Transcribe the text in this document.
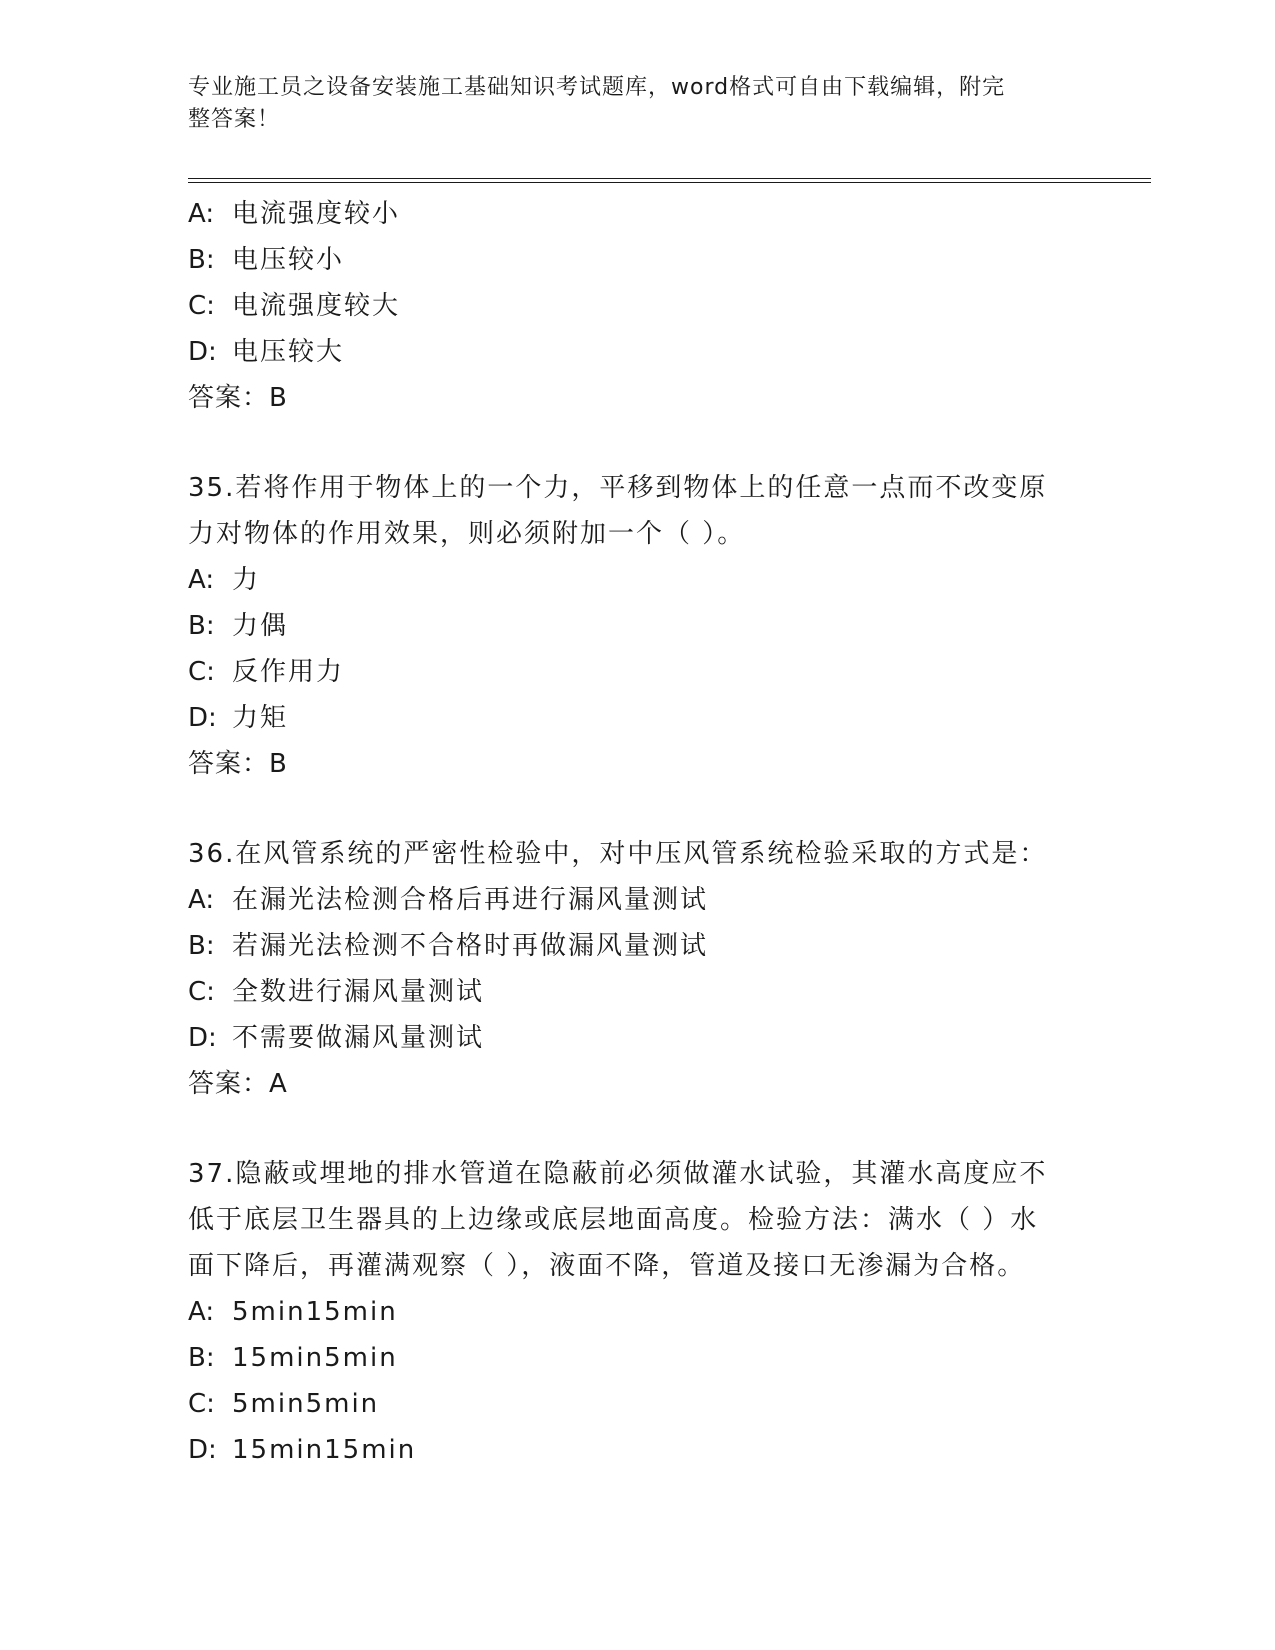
专业施工员之设备安装施工基础知识考试题库，word格式可自由下载编辑，附完
整答案！
A: 电流强度较小
B: 电压较小
C: 电流强度较大
D: 电压较大
答案：B
35.若将作用于物体上的一个力，平移到物体上的任意一点而不改变原
力对物体的作用效果，则必须附加一个（ ）。
A: 力
B: 力偶
C: 反作用力
D: 力矩
答案：B
36.在风管系统的严密性检验中，对中压风管系统检验采取的方式是：
A: 在漏光法检测合格后再进行漏风量测试
B: 若漏光法检测不合格时再做漏风量测试
C: 全数进行漏风量测试
D: 不需要做漏风量测试
答案：A
37.隐蔽或埋地的排水管道在隐蔽前必须做灌水试验，其灌水高度应不
低于底层卫生器具的上边缘或底层地面高度。检验方法：满水（ ）水
面下降后，再灌满观察（ ），液面不降，管道及接口无渗漏为合格。
A: 5min15min
B: 15min5min
C: 5min5min
D: 15min15min
